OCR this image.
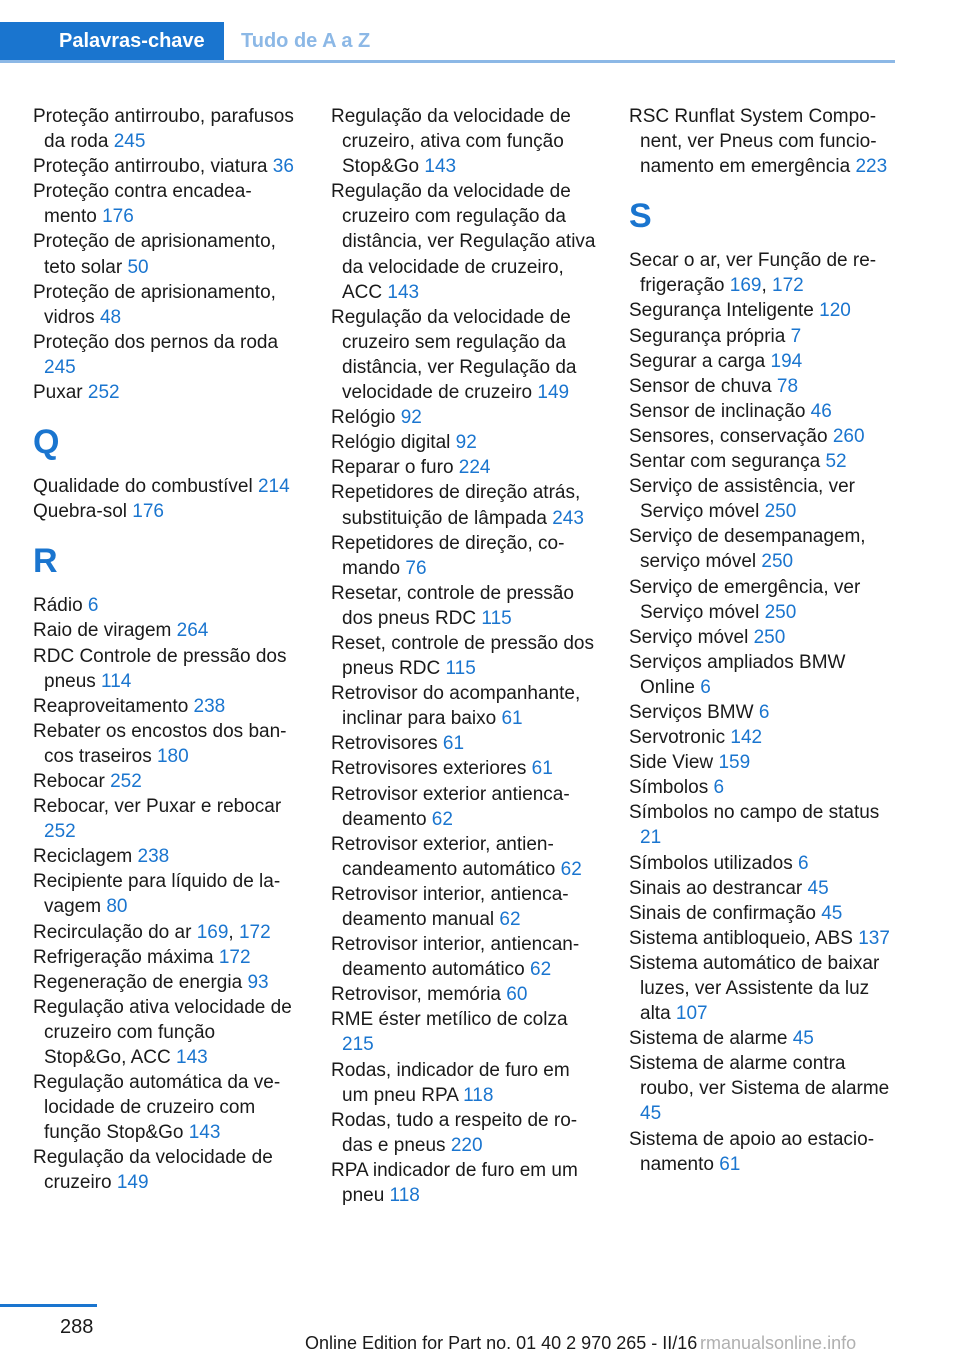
Palavras-chave	Tudo de A a Z
Proteção antirroubo, parafusos da roda 245
Proteção antirroubo, viatura 36
Proteção contra encadeamento 176
Proteção de aprisionamento, teto solar 50
Proteção de aprisionamento, vidros 48
Proteção dos pernos da roda 245
Puxar 252
Q
Qualidade do combustível 214
Quebra-sol 176
R
Rádio 6
Raio de viragem 264
RDC Controle de pressão dos pneus 114
Reaproveitamento 238
Rebater os encostos dos bancos traseiros 180
Rebocar 252
Rebocar, ver Puxar e rebocar 252
Reciclagem 238
Recipiente para líquido de lavagem 80
Recirculação do ar 169, 172
Refrigeração máxima 172
Regeneração de energia 93
Regulação ativa velocidade de cruzeiro com função Stop&Go, ACC 143
Regulação automática da velocidade de cruzeiro com função Stop&Go 143
Regulação da velocidade de cruzeiro 149
Regulação da velocidade de cruzeiro, ativa com função Stop&Go 143
Regulação da velocidade de cruzeiro com regulação da distância, ver Regulação ativa da velocidade de cruzeiro, ACC 143
Regulação da velocidade de cruzeiro sem regulação da distância, ver Regulação da velocidade de cruzeiro 149
Relógio 92
Relógio digital 92
Reparar o furo 224
Repetidores de direção atrás, substituição de lâmpada 243
Repetidores de direção, comando 76
Resetar, controle de pressão dos pneus RDC 115
Reset, controle de pressão dos pneus RDC 115
Retrovisor do acompanhante, inclinar para baixo 61
Retrovisores 61
Retrovisores exteriores 61
Retrovisor exterior antiencadeamento 62
Retrovisor exterior, antiencandeamento automático 62
Retrovisor interior, antiencadeamento manual 62
Retrovisor interior, antiencandeamento automático 62
Retrovisor, memória 60
RME éster metílico de colza 215
Rodas, indicador de furo em um pneu RPA 118
Rodas, tudo a respeito de rodas e pneus 220
RPA indicador de furo em um pneu 118
RSC Runflat System Component, ver Pneus com funcionamento em emergência 223
S
Secar o ar, ver Função de refrigeração 169, 172
Segurança Inteligente 120
Segurança própria 7
Segurar a carga 194
Sensor de chuva 78
Sensor de inclinação 46
Sensores, conservação 260
Sentar com segurança 52
Serviço de assistência, ver Serviço móvel 250
Serviço de desempanagem, serviço móvel 250
Serviço de emergência, ver Serviço móvel 250
Serviço móvel 250
Serviços ampliados BMW Online 6
Serviços BMW 6
Servotronic 142
Side View 159
Símbolos 6
Símbolos no campo de status 21
Símbolos utilizados 6
Sinais ao destrancar 45
Sinais de confirmação 45
Sistema antibloqueio, ABS 137
Sistema automático de baixar luzes, ver Assistente da luz alta 107
Sistema de alarme 45
Sistema de alarme contra roubo, ver Sistema de alarme 45
Sistema de apoio ao estacionamento 61
288
Online Edition for Part no. 01 40 2 970 265 - II/16 rmanualsonline.info
